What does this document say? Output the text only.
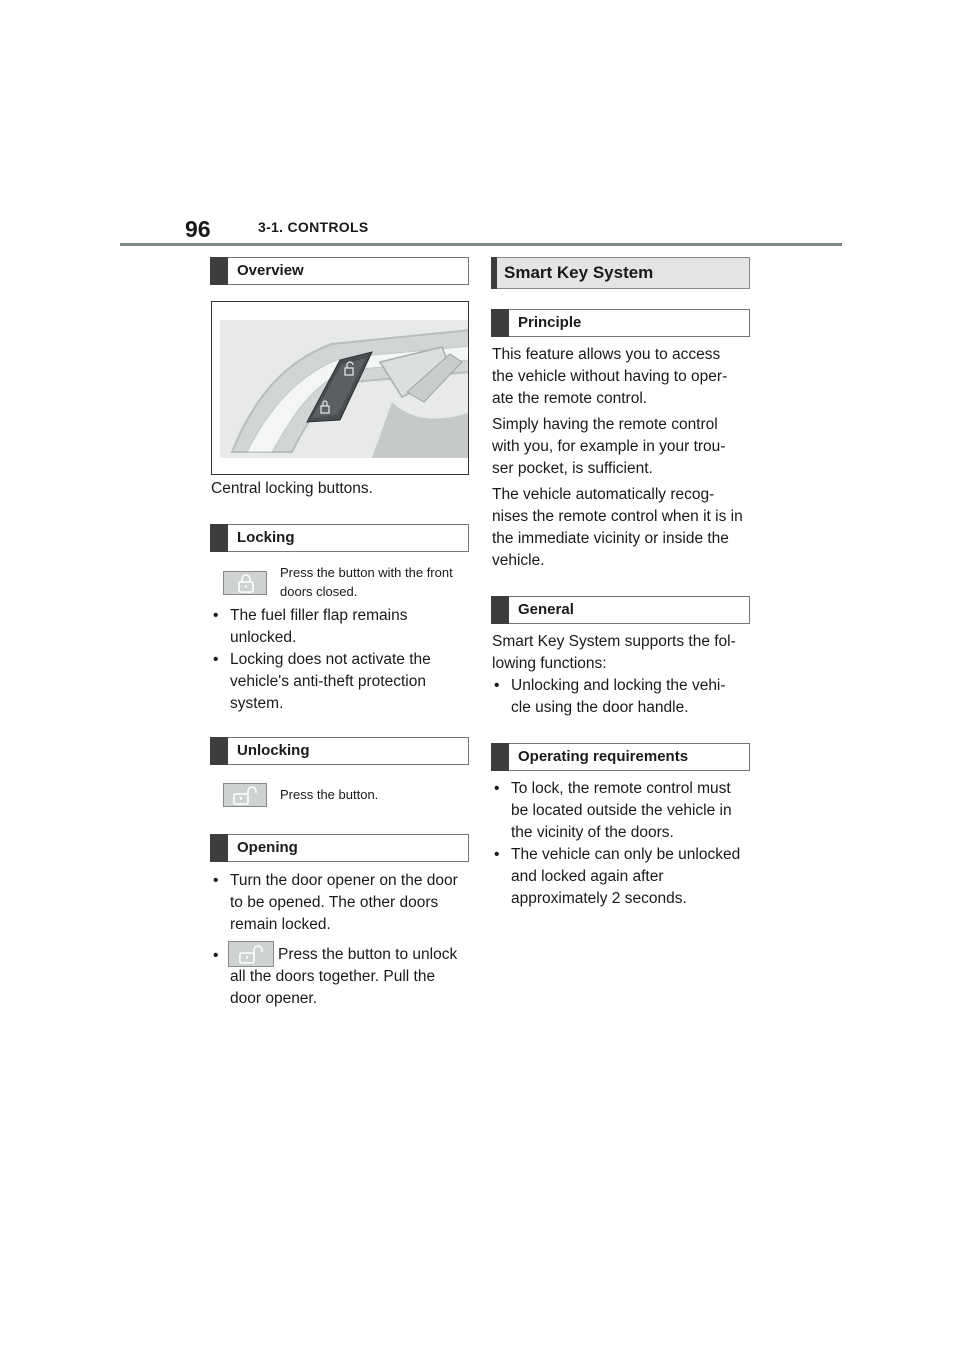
96	3-1. CONTROLS
Overview
Central locking buttons.
Locking
Press the button with the front doors closed.
• The fuel filler flap remains unlocked.
• Locking does not activate the vehicle's anti-theft protection system.
Unlocking
Press the button.
Opening
• Turn the door opener on the door to be opened. The other doors remain locked.
•	Press the button to unlock all the doors together. Pull the door opener.
Smart Key System
Principle
This feature allows you to access the vehicle without having to oper-ate the remote control.
Simply having the remote control with you, for example in your trou-ser pocket, is sufficient.
The vehicle automatically recog-nises the remote control when it is in the immediate vicinity or inside the vehicle.
General
Smart Key System supports the fol-lowing functions:
• Unlocking and locking the vehi-cle using the door handle.
Operating requirements
• To lock, the remote control must be located outside the vehicle in the vicinity of the doors.
• The vehicle can only be unlocked and locked again after approximately 2 seconds.
